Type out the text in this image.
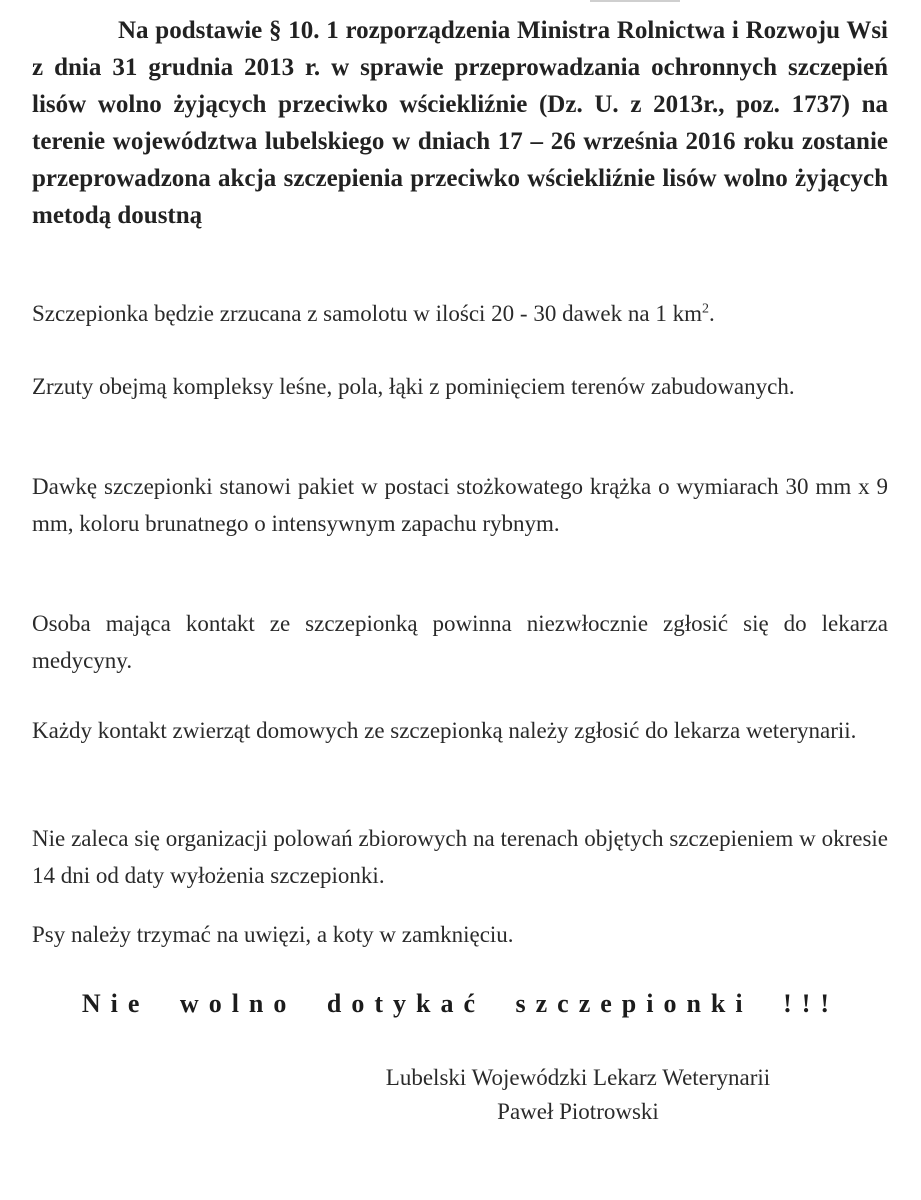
Na podstawie § 10. 1 rozporządzenia Ministra Rolnictwa i Rozwoju Wsi z dnia 31 grudnia 2013 r. w sprawie przeprowadzania ochronnych szczepień lisów wolno żyjących przeciwko wściekliźnie (Dz. U. z 2013r., poz. 1737) na terenie województwa lubelskiego w dniach 17 – 26 września 2016 roku zostanie przeprowadzona akcja szczepienia przeciwko wściekliźnie lisów wolno żyjących metodą doustną

Szczepionka będzie zrzucana z samolotu w ilości 20 - 30 dawek na 1 $km^2$.

Zrzuty obejmą kompleksy leśne, pola, łąki z pominięciem terenów zabudowanych.

Dawkę szczepionki stanowi pakiet w postaci stożkowatego krążka o wymiarach 30 mm x 9 mm, koloru brunatnego o intensywnym zapachu rybnym.

Osoba mająca kontakt ze szczepionką powinna niezwłocznie zgłosić się do lekarza medycyny.

Każdy kontakt zwierząt domowych ze szczepionką należy zgłosić do lekarza weterynarii.

Nie zaleca się organizacji polowań zbiorowych na terenach objętych szczepieniem w okresie 14 dni od daty wyłożenia szczepionki.

Psy należy trzymać na uwięzi, a koty w zamknięciu.

Nie wolno dotykać szczepionki !!!

Lubelski Wojewódzki Lekarz Weterynarii
Paweł Piotrowski
